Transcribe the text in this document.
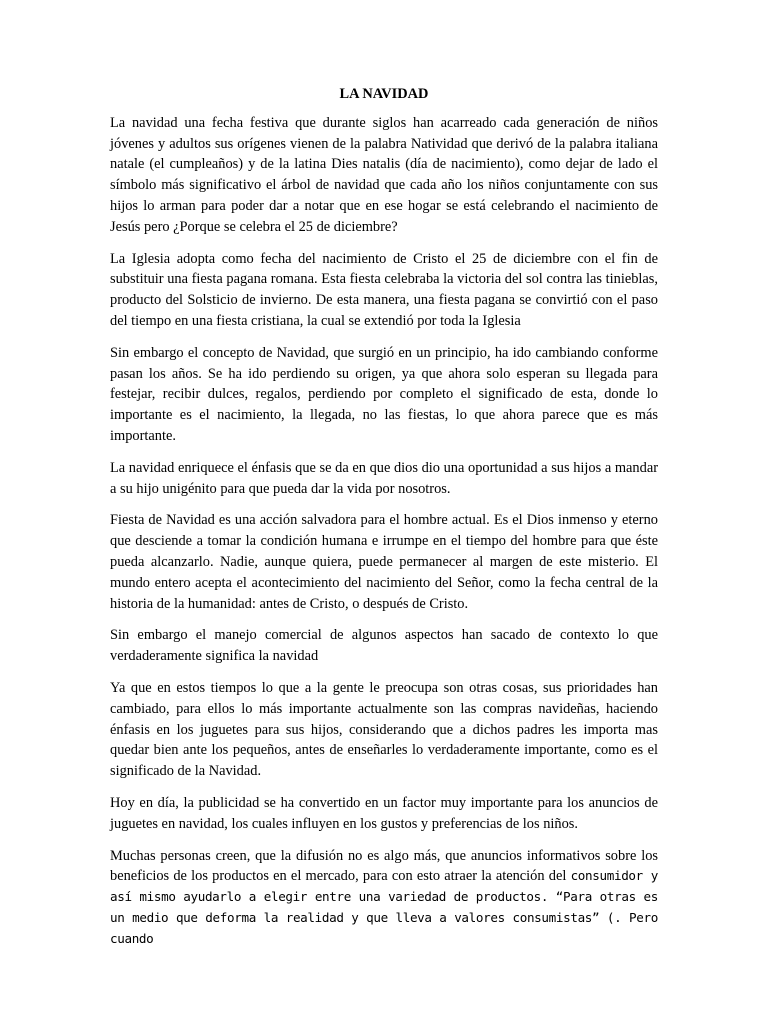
LA NAVIDAD

La navidad una fecha festiva que durante siglos han acarreado cada generación de niños jóvenes y adultos sus orígenes vienen de la palabra Natividad que derivó de la palabra italiana natale (el cumpleaños) y de la latina Dies natalis (día de nacimiento), como dejar de lado el símbolo más significativo el árbol de navidad que cada año los niños conjuntamente con sus hijos lo arman para poder dar a notar que en ese hogar se está celebrando el nacimiento de Jesús pero ¿Porque se celebra el 25 de diciembre?

La Iglesia adopta como fecha del nacimiento de Cristo el 25 de diciembre con el fin de substituir una fiesta pagana romana. Esta fiesta celebraba la victoria del sol contra las tinieblas, producto del Solsticio de invierno. De esta manera, una fiesta pagana se convirtió con el paso del tiempo en una fiesta cristiana, la cual se extendió por toda la Iglesia

Sin embargo el concepto de Navidad, que surgió en un principio, ha ido cambiando conforme pasan los años. Se ha ido perdiendo su origen, ya que ahora solo esperan su llegada para festejar, recibir dulces, regalos, perdiendo por completo el significado de esta, donde lo importante es el nacimiento, la llegada, no las fiestas, lo que ahora parece que es más importante.

La navidad enriquece el énfasis que se da en que dios dio una oportunidad a sus hijos a mandar a su hijo unigénito para que pueda dar la vida por nosotros.

Fiesta de Navidad es una acción salvadora para el hombre actual. Es el Dios inmenso y eterno que desciende a tomar la condición humana e irrumpe en el tiempo del hombre para que éste pueda alcanzarlo. Nadie, aunque quiera, puede permanecer al margen de este misterio. El mundo entero acepta el acontecimiento del nacimiento del Señor, como la fecha central de la historia de la humanidad: antes de Cristo, o después de Cristo.

Sin embargo el manejo comercial de algunos aspectos han sacado de contexto lo que verdaderamente significa la navidad

Ya que en estos tiempos lo que a la gente le preocupa son otras cosas, sus prioridades han cambiado, para ellos lo más importante actualmente son las compras navideñas, haciendo énfasis en los juguetes para sus hijos, considerando que a dichos padres les importa mas quedar bien ante los pequeños, antes de enseñarles lo verdaderamente importante, como es el significado de la Navidad.

Hoy en día, la publicidad se ha convertido en un factor muy importante para los anuncios de juguetes en navidad, los cuales influyen en los gustos y preferencias de los niños.

Muchas personas creen, que la difusión no es algo más, que anuncios informativos sobre los beneficios de los productos en el mercado, para con esto atraer la atención del consumidor y así mismo ayudarlo a elegir entre una variedad de productos. “Para otras es un medio que deforma la realidad y que lleva a valores consumistas” (. Pero cuando
